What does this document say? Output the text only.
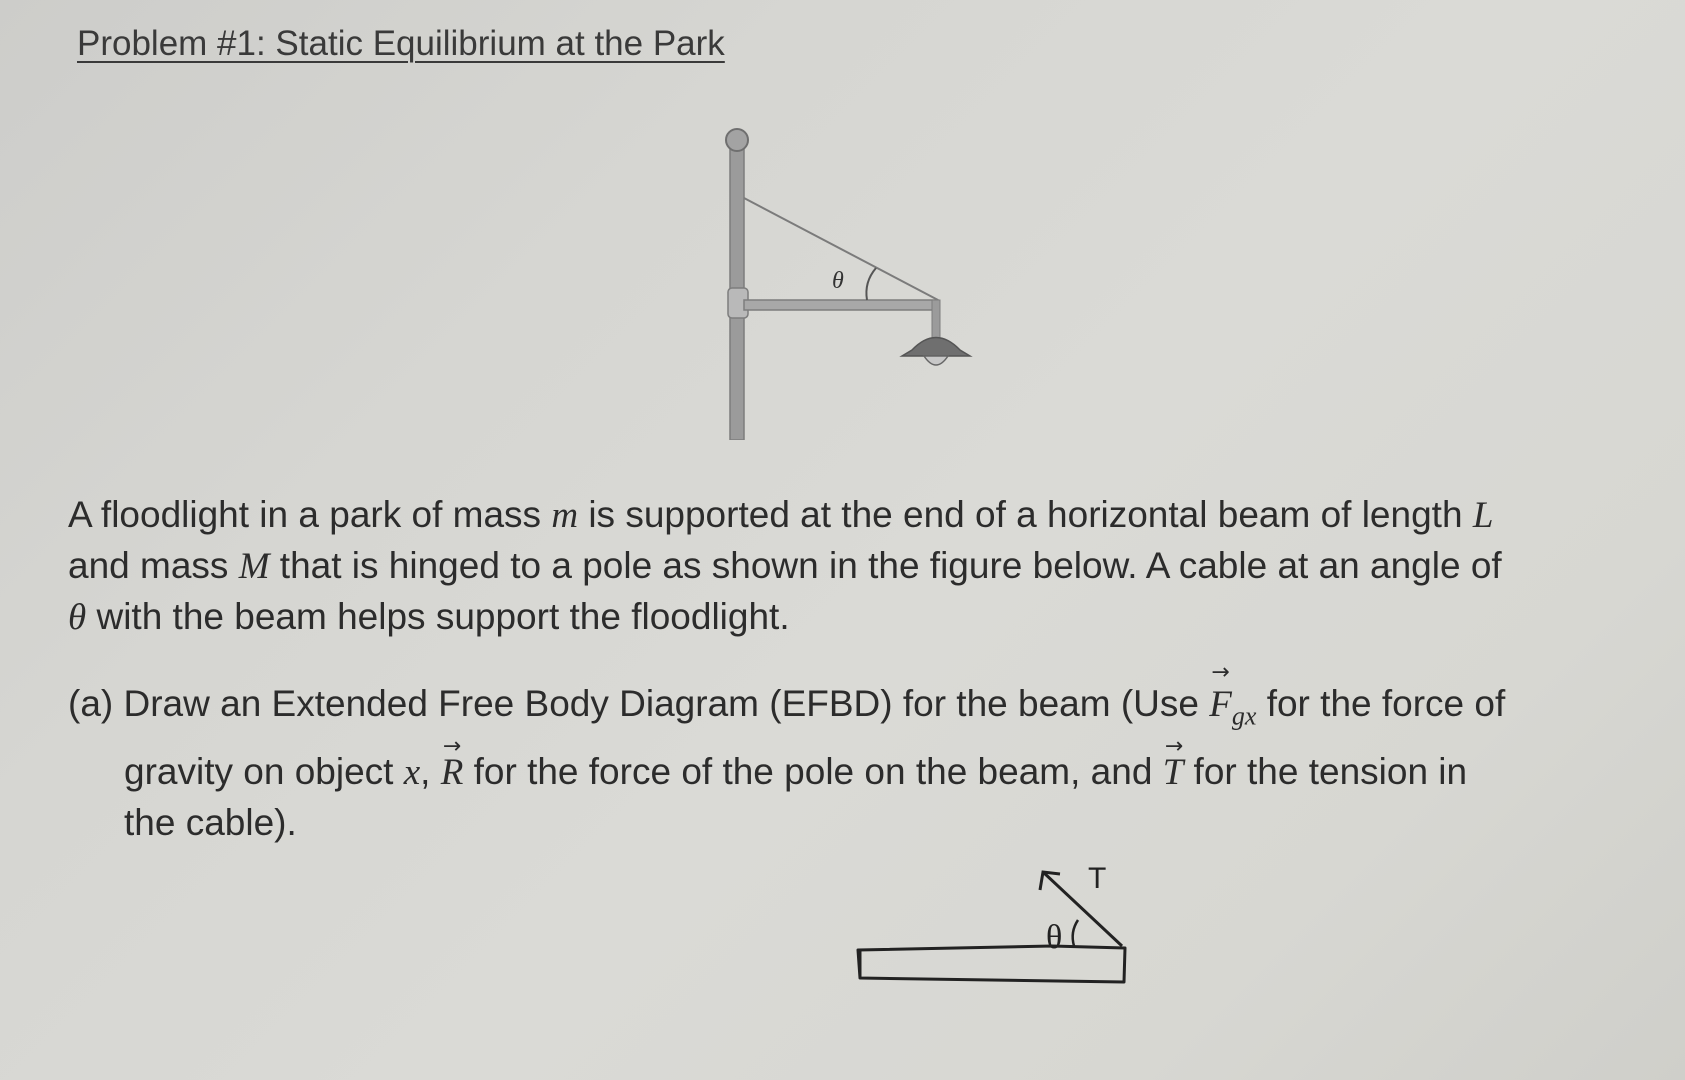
Problem #1: Static Equilibrium at the Park
θ

A floodlight in a park of mass m is supported at the end of a horizontal beam of length L

and mass M that is hinged to a pole as shown in the figure below. A cable at an angle of

θ with the beam helps support the floodlight.

(a) Draw an Extended Free Body Diagram (EFBD) for the beam (Use
→
$F_{gx}$ for the force of
gravity on object x,
→
R for the force of the pole on the beam, and
→
T for the tension in
the cable).
T
θ
